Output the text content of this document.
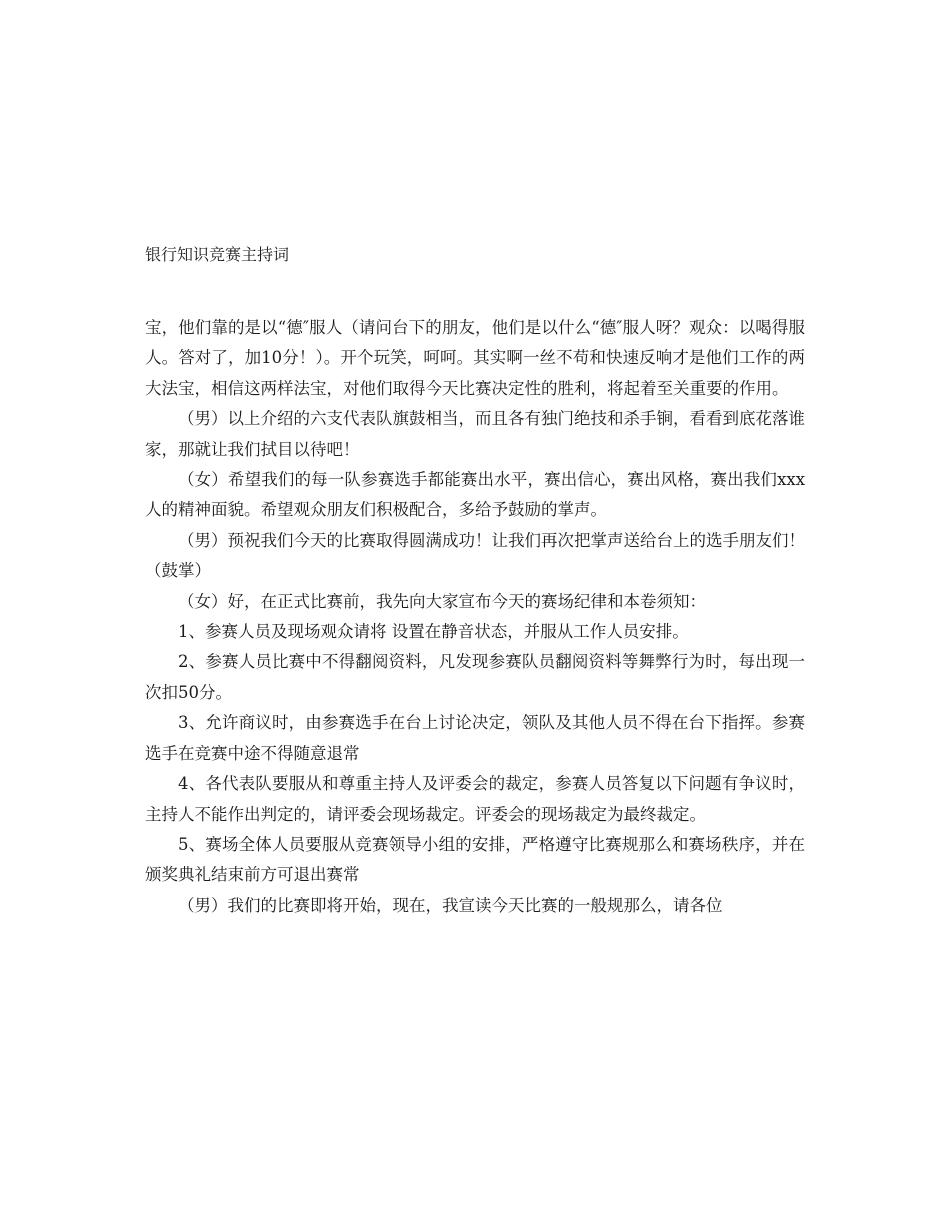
银行知识竞赛主持词

宝，他们靠的是以“德″服人（请问台下的朋友，他们是以什么“德″服人呀？观众：以喝得服人。答对了，加10分！）。开个玩笑，呵呵。其实啊一丝不苟和快速反响才是他们工作的两大法宝，相信这两样法宝，对他们取得今天比赛决定性的胜利，将起着至关重要的作用。

（男）以上介绍的六支代表队旗鼓相当，而且各有独门绝技和杀手锏，看看到底花落谁家，那就让我们拭目以待吧！

（女）希望我们的每一队参赛选手都能赛出水平，赛出信心，赛出风格，赛出我们xxx人的精神面貌。希望观众朋友们积极配合，多给予鼓励的掌声。

（男）预祝我们今天的比赛取得圆满成功！让我们再次把掌声送给台上的选手朋友们！（鼓掌）

（女）好，在正式比赛前，我先向大家宣布今天的赛场纪律和本卷须知：

1、参赛人员及现场观众请将 设置在静音状态，并服从工作人员安排。

2、参赛人员比赛中不得翻阅资料，凡发现参赛队员翻阅资料等舞弊行为时，每出现一次扣50分。

3、允许商议时，由参赛选手在台上讨论决定，领队及其他人员不得在台下指挥。参赛选手在竞赛中途不得随意退常

4、各代表队要服从和尊重主持人及评委会的裁定，参赛人员答复以下问题有争议时，主持人不能作出判定的，请评委会现场裁定。评委会的现场裁定为最终裁定。

5、赛场全体人员要服从竞赛领导小组的安排，严格遵守比赛规那么和赛场秩序，并在颁奖典礼结束前方可退出赛常

（男）我们的比赛即将开始，现在，我宣读今天比赛的一般规那么，请各位
